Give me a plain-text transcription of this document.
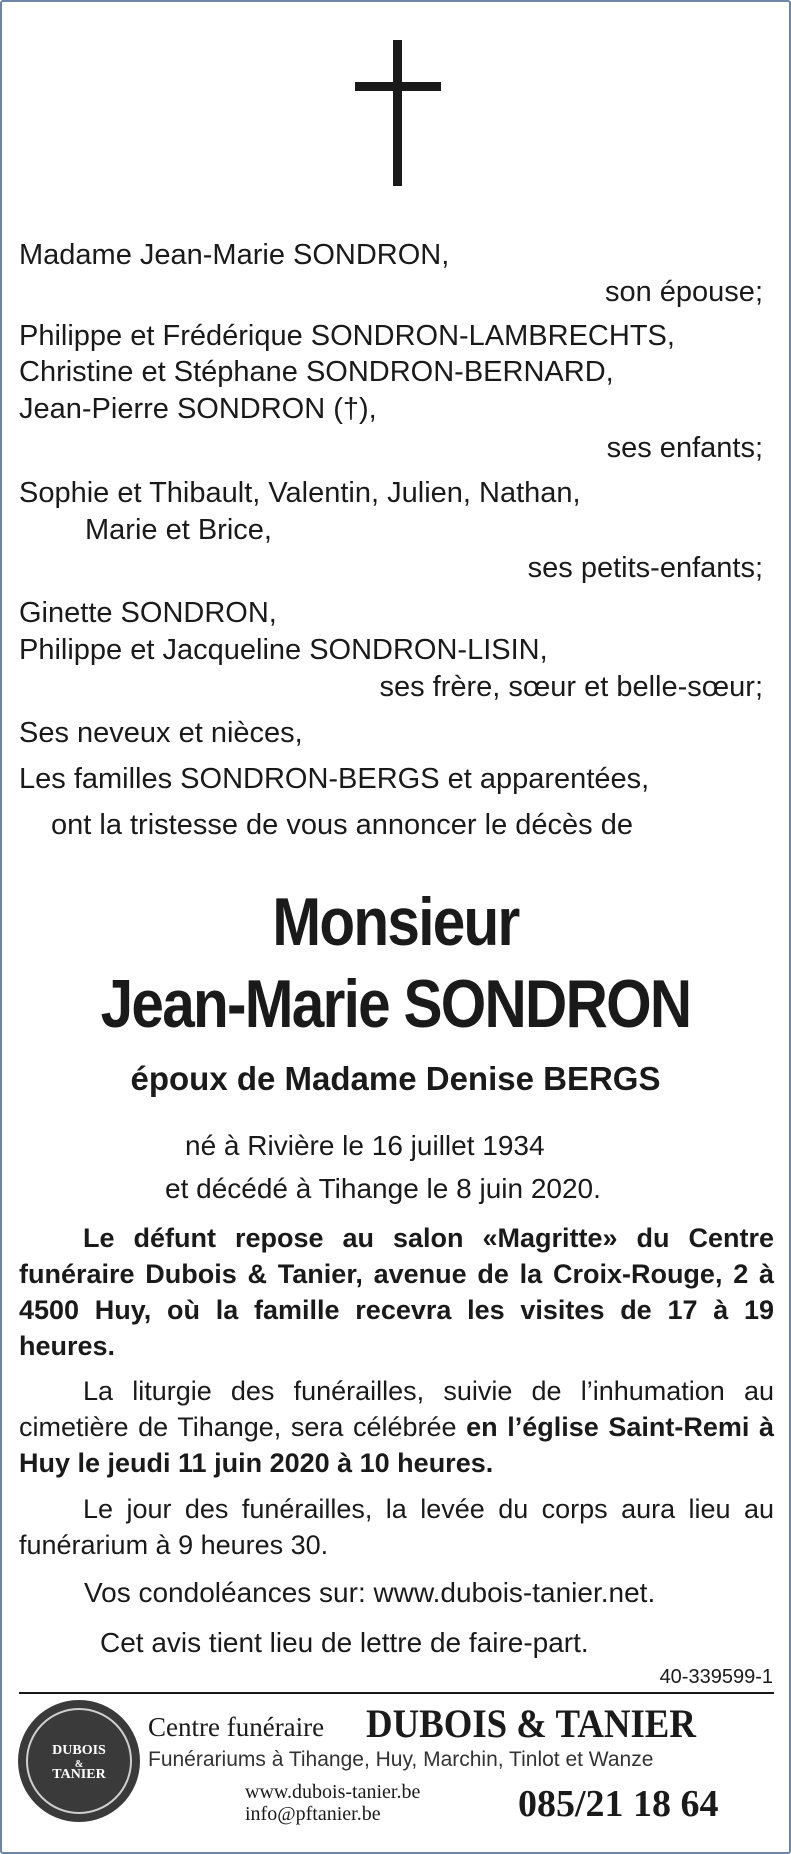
Madame Jean-Marie SONDRON,
son épouse;
Philippe et Frédérique SONDRON-LAMBRECHTS,
Christine et Stéphane SONDRON-BERNARD,
Jean-Pierre SONDRON (†),
ses enfants;
Sophie et Thibault, Valentin, Julien, Nathan,
Marie et Brice,
ses petits-enfants;
Ginette SONDRON,
Philippe et Jacqueline SONDRON-LISIN,
ses frère, sœur et belle-sœur;
Ses neveux et nièces,
Les familles SONDRON-BERGS et apparentées,
ont la tristesse de vous annoncer le décès de
Monsieur
Jean-Marie SONDRON
époux de Madame Denise BERGS
né à Rivière le 16 juillet 1934
et décédé à Tihange le 8 juin 2020.
Le défunt repose au salon «Magritte» du Centre funéraire Dubois & Tanier, avenue de la Croix-Rouge, 2 à 4500 Huy, où la famille recevra les visites de 17 à 19 heures.
La liturgie des funérailles, suivie de l’inhumation au cimetière de Tihange, sera célébrée en l’église Saint-Remi à Huy le jeudi 11 juin 2020 à 10 heures.
Le jour des funérailles, la levée du corps aura lieu au funérarium à 9 heures 30.
Vos condoléances sur: www.dubois-tanier.net.
Cet avis tient lieu de lettre de faire-part.
40-339599-1
DUBOIS
&
TANIER
Centre funéraire DUBOIS & TANIER
Funérariums à Tihange, Huy, Marchin, Tinlot et Wanze
www.dubois-tanier.be
info@pftanier.be	085/21 18 64
